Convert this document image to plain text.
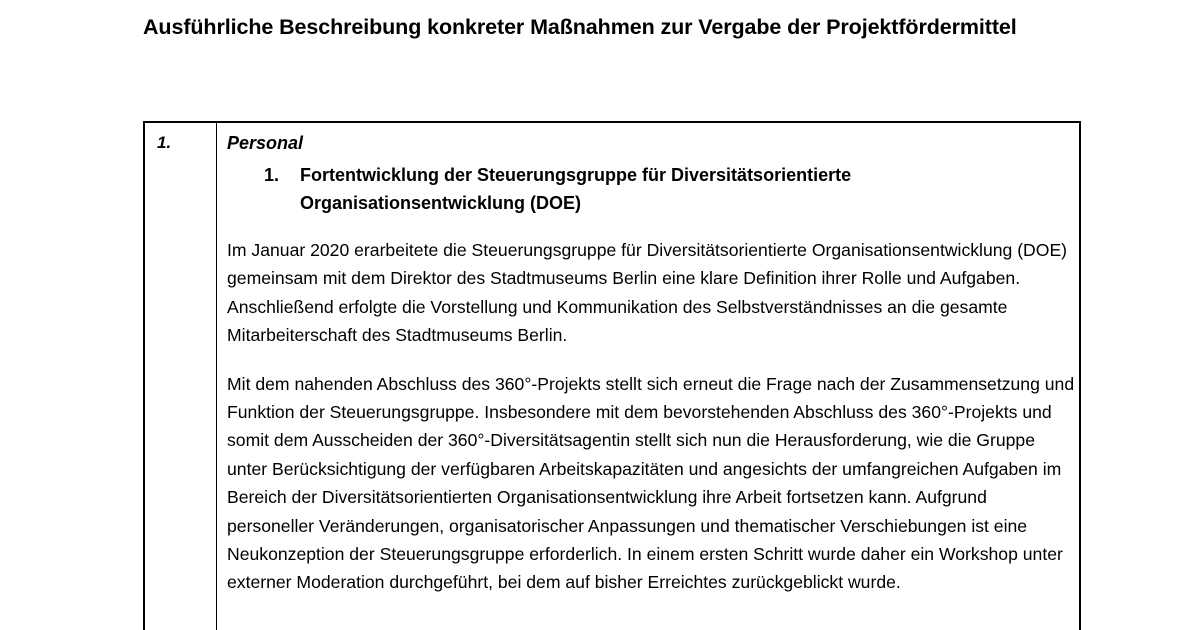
Ausführliche Beschreibung konkreter Maßnahmen zur Vergabe der Projektfördermittel
1.	Personal
1. Fortentwicklung der Steuerungsgruppe für Diversitätsorientierte Organisationsentwicklung (DOE)
Im Januar 2020 erarbeitete die Steuerungsgruppe für Diversitätsorientierte Organisationsentwicklung (DOE) gemeinsam mit dem Direktor des Stadtmuseums Berlin eine klare Definition ihrer Rolle und Aufgaben. Anschließend erfolgte die Vorstellung und Kommunikation des Selbstverständnisses an die gesamte Mitarbeiterschaft des Stadtmuseums Berlin.
Mit dem nahenden Abschluss des 360°-Projekts stellt sich erneut die Frage nach der Zusammensetzung und Funktion der Steuerungsgruppe. Insbesondere mit dem bevorstehenden Abschluss des 360°-Projekts und somit dem Ausscheiden der 360°-Diversitätsagentin stellt sich nun die Herausforderung, wie die Gruppe unter Berücksichtigung der verfügbaren Arbeitskapazitäten und angesichts der umfangreichen Aufgaben im Bereich der Diversitätsorientierten Organisationsentwicklung ihre Arbeit fortsetzen kann. Aufgrund personeller Veränderungen, organisatorischer Anpassungen und thematischer Verschiebungen ist eine Neukonzeption der Steuerungsgruppe erforderlich. In einem ersten Schritt wurde daher ein Workshop unter externer Moderation durchgeführt, bei dem auf bisher Erreichtes zurückgeblickt wurde.
